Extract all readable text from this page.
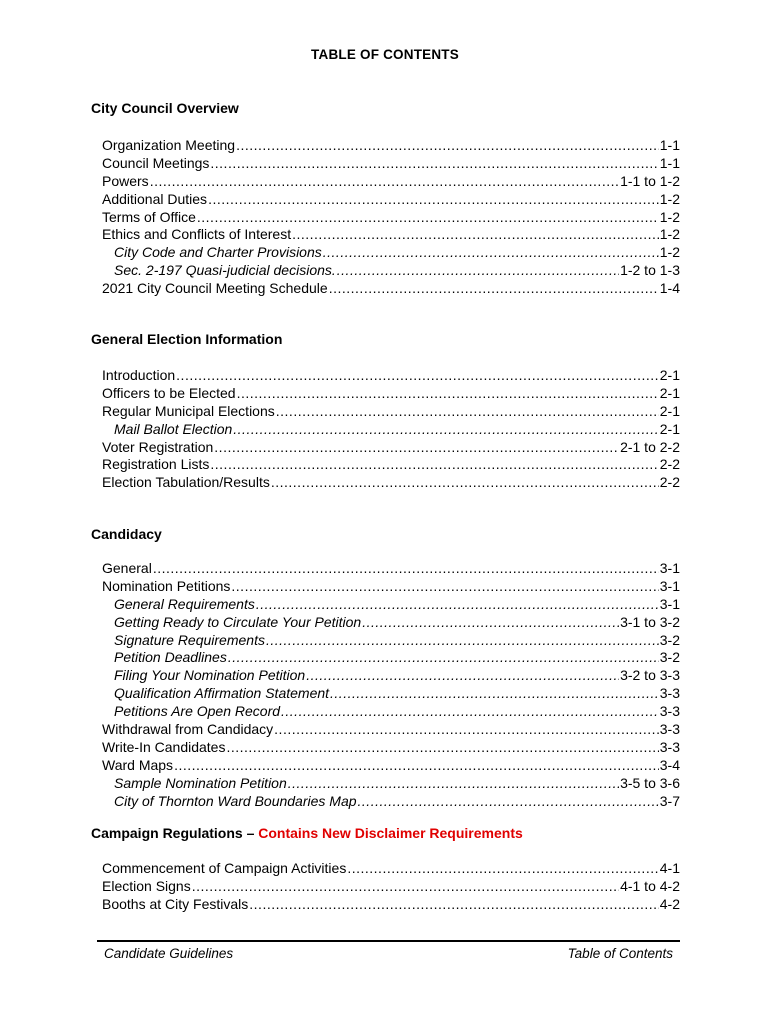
TABLE OF CONTENTS
City Council Overview
Organization Meeting .....	1-1
Council Meetings .....	1-1
Powers .....	1-1 to 1-2
Additional Duties .....	1-2
Terms of Office .....	1-2
Ethics and Conflicts of Interest .....	1-2
City Code and Charter Provisions .....	1-2
Sec. 2-197 Quasi-judicial decisions. .....	1-2 to 1-3
2021 City Council Meeting Schedule .....	1-4
General Election Information
Introduction .....	2-1
Officers to be Elected .....	2-1
Regular Municipal Elections .....	2-1
Mail Ballot Election .....	2-1
Voter Registration .....	2-1 to 2-2
Registration Lists .....	2-2
Election Tabulation/Results .....	2-2
Candidacy
General .....	3-1
Nomination Petitions .....	3-1
General Requirements .....	3-1
Getting Ready to Circulate Your Petition .....	3-1 to 3-2
Signature Requirements .....	3-2
Petition Deadlines .....	3-2
Filing Your Nomination Petition .....	3-2 to 3-3
Qualification Affirmation Statement .....	3-3
Petitions Are Open Record .....	3-3
Withdrawal from Candidacy .....	3-3
Write-In Candidates .....	3-3
Ward Maps .....	3-4
Sample Nomination Petition .....	3-5 to 3-6
City of Thornton Ward Boundaries Map .....	3-7
Campaign Regulations – Contains New Disclaimer Requirements
Commencement of Campaign Activities .....	4-1
Election Signs .....	4-1 to 4-2
Booths at City Festivals .....	4-2
Candidate Guidelines	Table of Contents
